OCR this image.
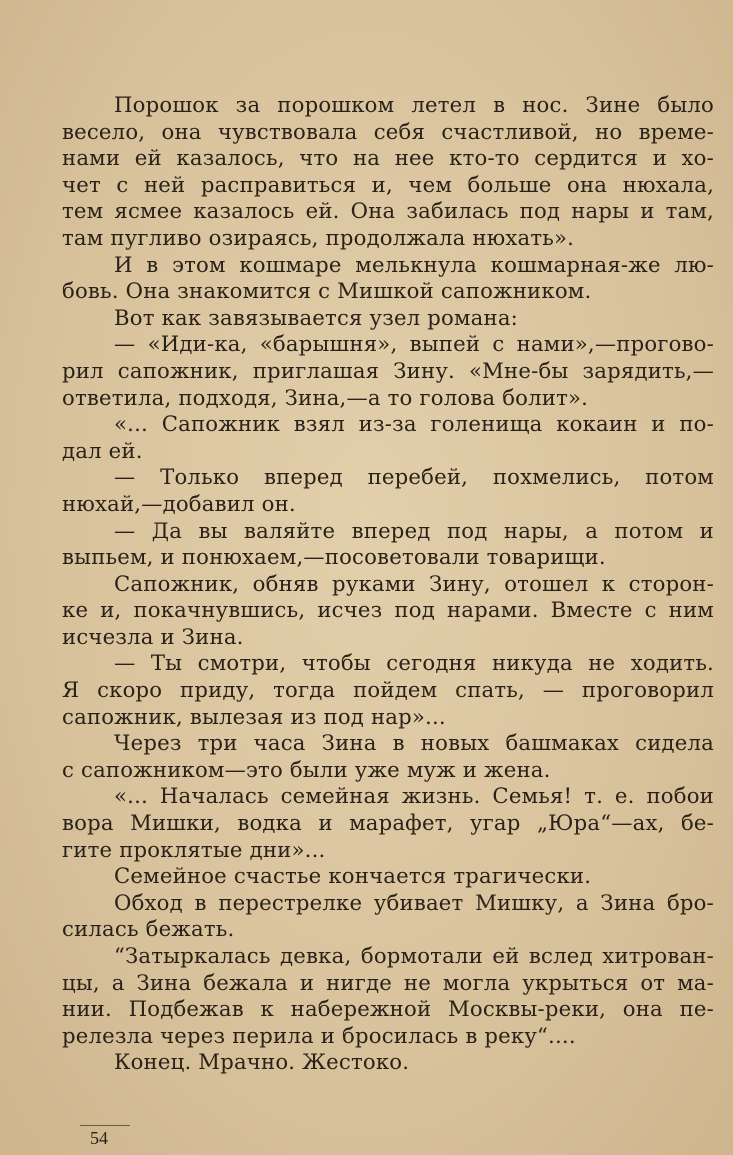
Порошок за порошком летел в нос. Зине было
весело, она чувствовала себя счастливой, но време-
нами ей казалось, что на нее кто-то сердится и хо-
чет с ней расправиться и, чем больше она нюхала,
тем ясмее казалось ей. Она забилась под нары и там,
там пугливо озираясь, продолжала нюхать».
И в этом кошмаре мелькнула кошмарная-же лю-
бовь. Она знакомится с Мишкой сапожником.
Вот как завязывается узел романа:
— «Иди-ка, «барышня», выпей с нами»,—прогово-
рил сапожник, приглашая Зину. «Мне-бы зарядить,—
ответила, подходя, Зина,—а то голова болит».
«... Сапожник взял из-за голенища кокаин и по-
дал ей.
— Только вперед перебей, похмелись, потом
нюхай,—добавил он.
— Да вы валяйте вперед под нары, а потом и
выпьем, и понюхаем,—посоветовали товарищи.
Сапожник, обняв руками Зину, отошел к сторон-
ке и, покачнувшись, исчез под нарами. Вместе с ним
исчезла и Зина.
— Ты смотри, чтобы сегодня никуда не ходить.
Я скоро приду, тогда пойдем спать, — проговорил
сапожник, вылезая из под нар»...
Через три часа Зина в новых башмаках сидела
с сапожником—это были уже муж и жена.
«... Началась семейная жизнь. Семья! т. е. побои
вора Мишки, водка и марафет, угар „Юра“—ах, бе-
гите проклятые дни»...
Семейное счастье кончается трагически.
Обход в перестрелке убивает Мишку, а Зина бро-
силась бежать.
“Затыркалась девка, бормотали ей вслед хитрован-
цы, а Зина бежала и нигде не могла укрыться от ма-
нии. Подбежав к набережной Москвы-реки, она пе-
релезла через перила и бросилась в реку“....
Конец. Мрачно. Жестоко.
54
